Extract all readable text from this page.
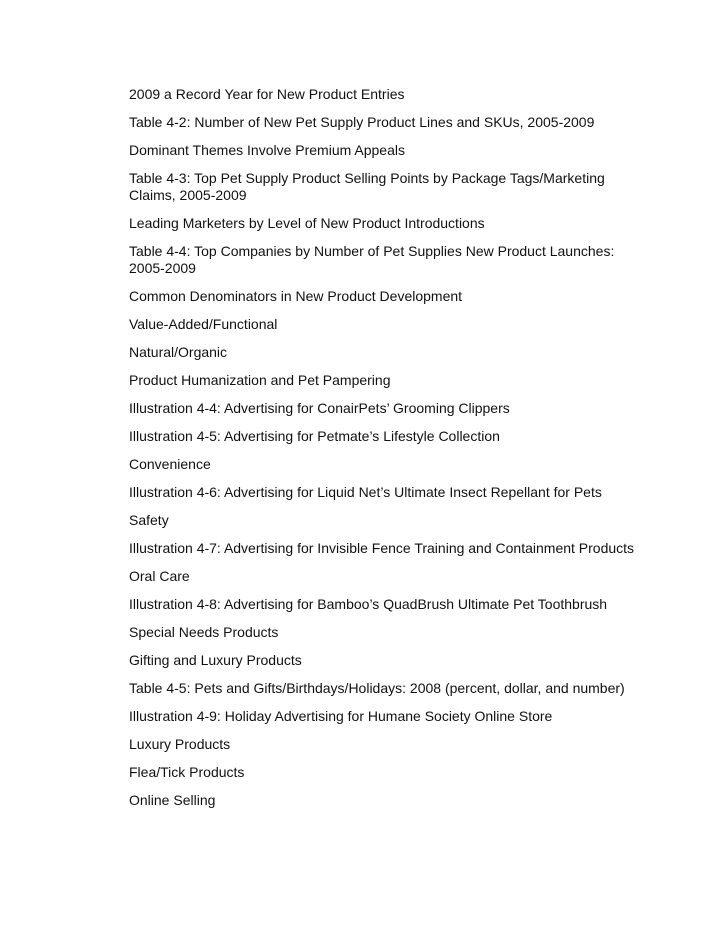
2009 a Record Year for New Product Entries

Table 4-2: Number of New Pet Supply Product Lines and SKUs, 2005-2009

Dominant Themes Involve Premium Appeals

Table 4-3: Top Pet Supply Product Selling Points by Package Tags/Marketing Claims, 2005-2009

Leading Marketers by Level of New Product Introductions

Table 4-4: Top Companies by Number of Pet Supplies New Product Launches: 2005-2009

Common Denominators in New Product Development

Value-Added/Functional

Natural/Organic

Product Humanization and Pet Pampering

Illustration 4-4: Advertising for ConairPets’ Grooming Clippers

Illustration 4-5: Advertising for Petmate’s Lifestyle Collection

Convenience

Illustration 4-6: Advertising for Liquid Net’s Ultimate Insect Repellant for Pets

Safety

Illustration 4-7: Advertising for Invisible Fence Training and Containment Products

Oral Care

Illustration 4-8: Advertising for Bamboo’s QuadBrush Ultimate Pet Toothbrush

Special Needs Products

Gifting and Luxury Products

Table 4-5: Pets and Gifts/Birthdays/Holidays: 2008 (percent, dollar, and number)

Illustration 4-9: Holiday Advertising for Humane Society Online Store

Luxury Products

Flea/Tick Products

Online Selling
